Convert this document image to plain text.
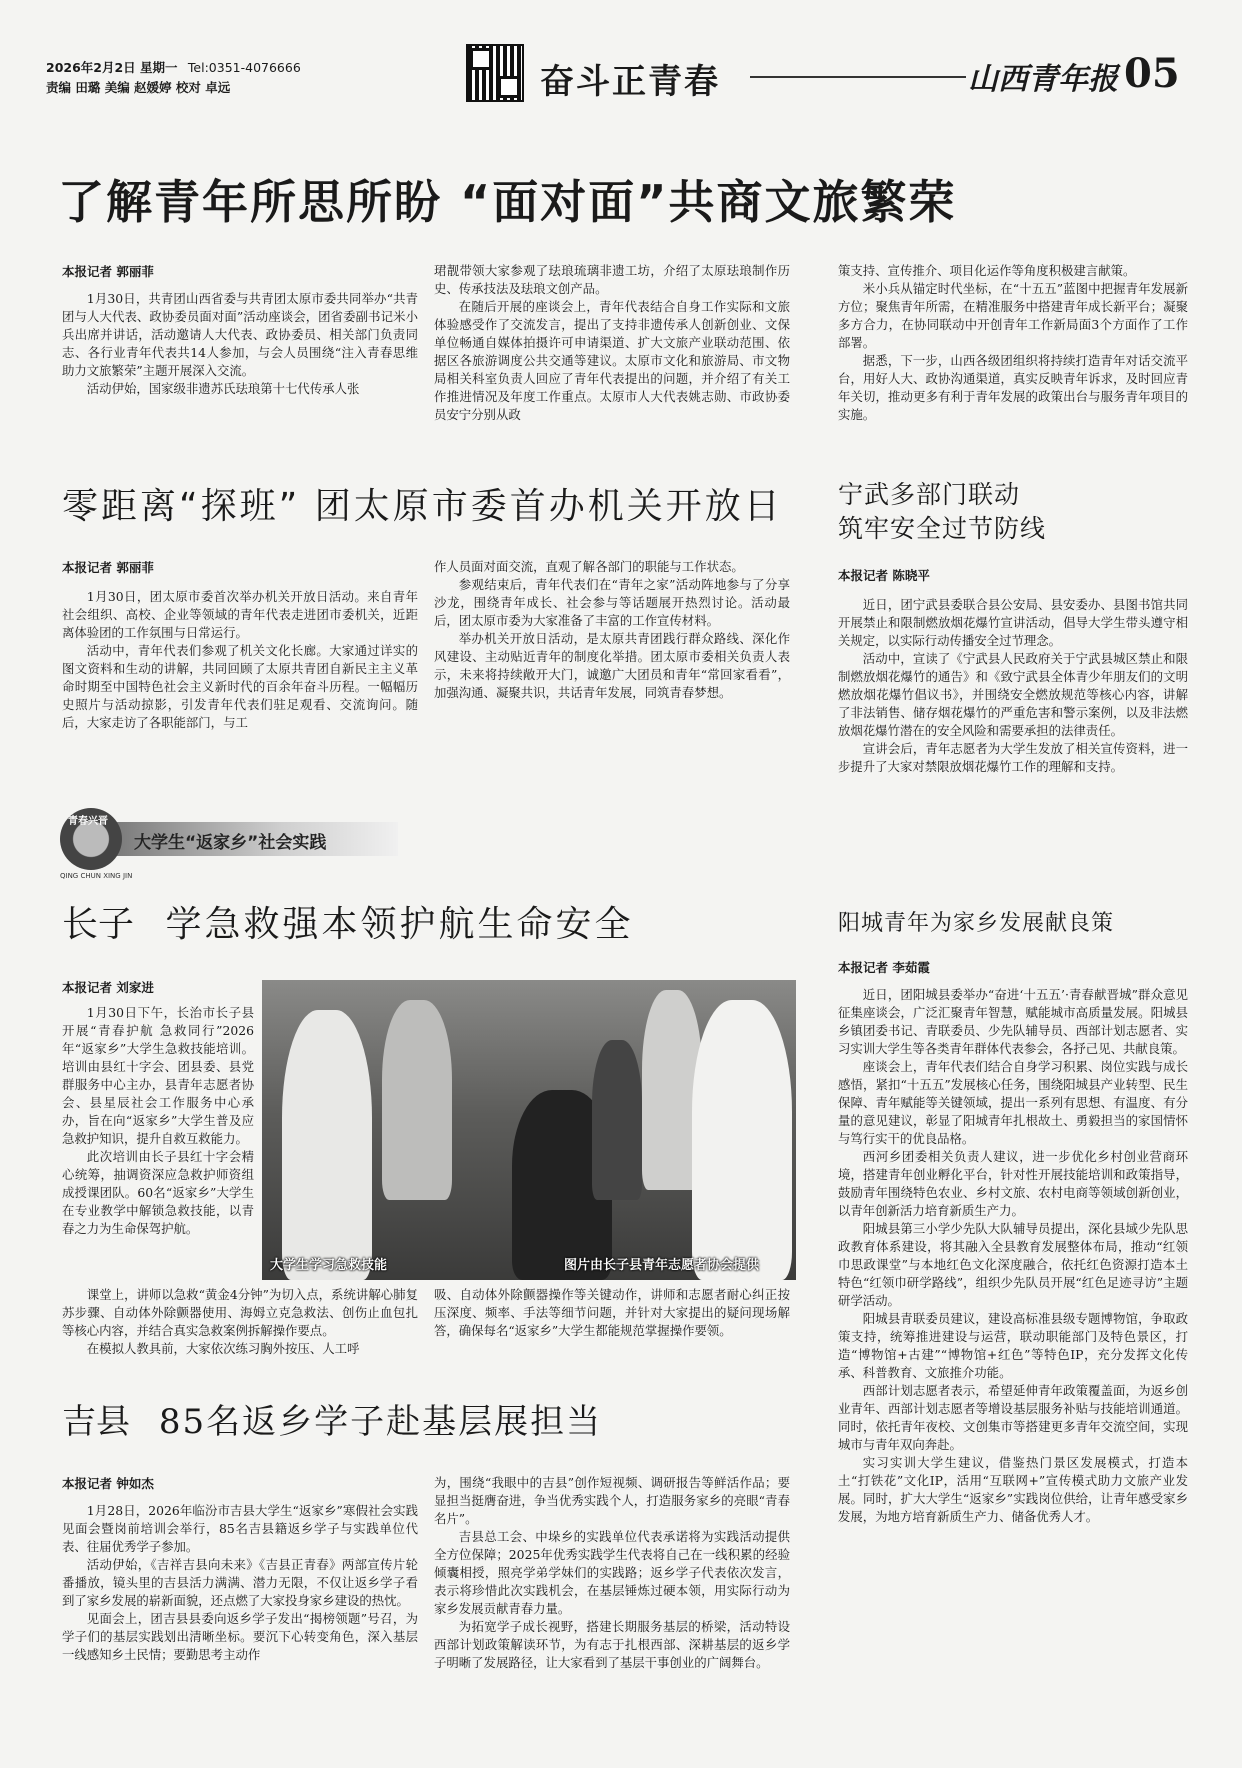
2026年2月2日 星期一 Tel:0351-4076666
责编 田璐 美编 赵媛婷 校对 卓远	奋斗正青春	山西青年报 05
了解青年所思所盼 “面对面”共商文旅繁荣
本报记者 郭丽菲

1月30日，共青团山西省委与共青团太原市委共同举办“共青团与人大代表、政协委员面对面”活动座谈会，团省委副书记米小兵出席并讲话，活动邀请人大代表、政协委员、相关部门负责同志、各行业青年代表共14人参加，与会人员围绕“注入青春思维 助力文旅繁荣”主题开展深入交流。

活动伊始，国家级非遗苏氏珐琅第十七代传承人张

珺靓带领大家参观了珐琅琉璃非遗工坊，介绍了太原珐琅制作历史、传承技法及珐琅文创产品。

在随后开展的座谈会上，青年代表结合自身工作实际和文旅体验感受作了交流发言，提出了支持非遗传承人创新创业、文保单位畅通自媒体拍摄许可申请渠道、扩大文旅产业联动范围、依据区各旅游调度公共交通等建议。太原市文化和旅游局、市文物局相关科室负责人回应了青年代表提出的问题，并介绍了有关工作推进情况及年度工作重点。太原市人大代表姚志勋、市政协委员安宁分别从政

策支持、宣传推介、项目化运作等角度积极建言献策。

米小兵从锚定时代坐标，在“十五五”蓝图中把握青年发展新方位；聚焦青年所需，在精准服务中搭建青年成长新平台；凝聚多方合力，在协同联动中开创青年工作新局面3个方面作了工作部署。

据悉，下一步，山西各级团组织将持续打造青年对话交流平台，用好人大、政协沟通渠道，真实反映青年诉求，及时回应青年关切，推动更多有利于青年发展的政策出台与服务青年项目的实施。

零距离“探班” 团太原市委首办机关开放日
本报记者 郭丽菲

1月30日，团太原市委首次举办机关开放日活动。来自青年社会组织、高校、企业等领域的青年代表走进团市委机关，近距离体验团的工作氛围与日常运行。

活动中，青年代表们参观了机关文化长廊。大家通过详实的图文资料和生动的讲解，共同回顾了太原共青团自新民主主义革命时期至中国特色社会主义新时代的百余年奋斗历程。一幅幅历史照片与活动掠影，引发青年代表们驻足观看、交流询问。随后，大家走访了各职能部门，与工

作人员面对面交流，直观了解各部门的职能与工作状态。

参观结束后，青年代表们在“青年之家”活动阵地参与了分享沙龙，围绕青年成长、社会参与等话题展开热烈讨论。活动最后，团太原市委为大家准备了丰富的工作宣传材料。

举办机关开放日活动，是太原共青团践行群众路线、深化作风建设、主动贴近青年的制度化举措。团太原市委相关负责人表示，未来将持续敞开大门，诚邀广大团员和青年“常回家看看”，加强沟通、凝聚共识，共话青年发展，同筑青春梦想。

宁武多部门联动
筑牢安全过节防线
本报记者 陈晓平

近日，团宁武县委联合县公安局、县安委办、县图书馆共同开展禁止和限制燃放烟花爆竹宣讲活动，倡导大学生带头遵守相关规定，以实际行动传播安全过节理念。

活动中，宣读了《宁武县人民政府关于宁武县城区禁止和限制燃放烟花爆竹的通告》和《致宁武县全体青少年朋友们的文明燃放烟花爆竹倡议书》，并围绕安全燃放规范等核心内容，讲解了非法销售、储存烟花爆竹的严重危害和警示案例，以及非法燃放烟花爆竹潜在的安全风险和需要承担的法律责任。

宣讲会后，青年志愿者为大学生发放了相关宣传资料，进一步提升了大家对禁限放烟花爆竹工作的理解和支持。

大学生“返家乡”社会实践
青春兴晋
QING CHUN XING JIN
长子 学急救强本领护航生命安全
本报记者 刘家进

1月30日下午，长治市长子县开展“青春护航 急救同行”2026年“返家乡”大学生急救技能培训。培训由县红十字会、团县委、县党群服务中心主办，县青年志愿者协会、县星辰社会工作服务中心承办，旨在向“返家乡”大学生普及应急救护知识，提升自救互救能力。

此次培训由长子县红十字会精心统筹，抽调资深应急救护师资组成授课团队。60名“返家乡”大学生在专业教学中解锁急救技能，以青春之力为生命保驾护航。

大学生学习急救技能	图片由长子县青年志愿者协会提供

课堂上，讲师以急救“黄金4分钟”为切入点，系统讲解心肺复苏步骤、自动体外除颤器使用、海姆立克急救法、创伤止血包扎等核心内容，并结合真实急救案例拆解操作要点。

在模拟人教具前，大家依次练习胸外按压、人工呼

吸、自动体外除颤器操作等关键动作，讲师和志愿者耐心纠正按压深度、频率、手法等细节问题，并针对大家提出的疑问现场解答，确保每名“返家乡”大学生都能规范掌握操作要领。

阳城青年为家乡发展献良策
本报记者 李茹霞

近日，团阳城县委举办“奋进‘十五五’·青春献晋城”群众意见征集座谈会，广泛汇聚青年智慧，赋能城市高质量发展。阳城县乡镇团委书记、青联委员、少先队辅导员、西部计划志愿者、实习实训大学生等各类青年群体代表参会，各抒己见、共献良策。

座谈会上，青年代表们结合自身学习积累、岗位实践与成长感悟，紧扣“十五五”发展核心任务，围绕阳城县产业转型、民生保障、青年赋能等关键领域，提出一系列有思想、有温度、有分量的意见建议，彰显了阳城青年扎根故土、勇毅担当的家国情怀与笃行实干的优良品格。

西河乡团委相关负责人建议，进一步优化乡村创业营商环境，搭建青年创业孵化平台，针对性开展技能培训和政策指导，鼓励青年围绕特色农业、乡村文旅、农村电商等领域创新创业，以青年创新活力培育新质生产力。

阳城县第三小学少先队大队辅导员提出，深化县域少先队思政教育体系建设，将其融入全县教育发展整体布局，推动“红领巾思政课堂”与本地红色文化深度融合，依托红色资源打造本土特色“红领巾研学路线”，组织少先队员开展“红色足迹寻访”主题研学活动。

阳城县青联委员建议，建设高标准县级专题博物馆，争取政策支持，统筹推进建设与运营，联动职能部门及特色景区，打造“博物馆+古建”“博物馆+红色”等特色IP，充分发挥文化传承、科普教育、文旅推介功能。

西部计划志愿者表示，希望延伸青年政策覆盖面，为返乡创业青年、西部计划志愿者等增设基层服务补贴与技能培训通道。同时，依托青年夜校、文创集市等搭建更多青年交流空间，实现城市与青年双向奔赴。

实习实训大学生建议，借鉴热门景区发展模式，打造本土“打铁花”文化IP，活用“互联网+”宣传模式助力文旅产业发展。同时，扩大大学生“返家乡”实践岗位供给，让青年感受家乡发展，为地方培育新质生产力、储备优秀人才。

吉县 85名返乡学子赴基层展担当
本报记者 钟如杰

1月28日，2026年临汾市吉县大学生“返家乡”寒假社会实践见面会暨岗前培训会举行，85名吉县籍返乡学子与实践单位代表、往届优秀学子参加。

活动伊始，《吉祥吉县向未来》《吉县正青春》两部宣传片轮番播放，镜头里的吉县活力满满、潜力无限，不仅让返乡学子看到了家乡发展的崭新面貌，还点燃了大家投身家乡建设的热忱。

见面会上，团吉县县委向返乡学子发出“揭榜领题”号召，为学子们的基层实践划出清晰坐标。要沉下心转变角色，深入基层一线感知乡土民情；要勤思考主动作

为，围绕“我眼中的吉县”创作短视频、调研报告等鲜活作品；要显担当挺膺奋进，争当优秀实践个人，打造服务家乡的亮眼“青春名片”。

吉县总工会、中垛乡的实践单位代表承诺将为实践活动提供全方位保障；2025年优秀实践学生代表将自己在一线积累的经验倾囊相授，照亮学弟学妹们的实践路；返乡学子代表依次发言，表示将珍惜此次实践机会，在基层锤炼过硬本领，用实际行动为家乡发展贡献青春力量。

为拓宽学子成长视野，搭建长期服务基层的桥梁，活动特设西部计划政策解读环节，为有志于扎根西部、深耕基层的返乡学子明晰了发展路径，让大家看到了基层干事创业的广阔舞台。
